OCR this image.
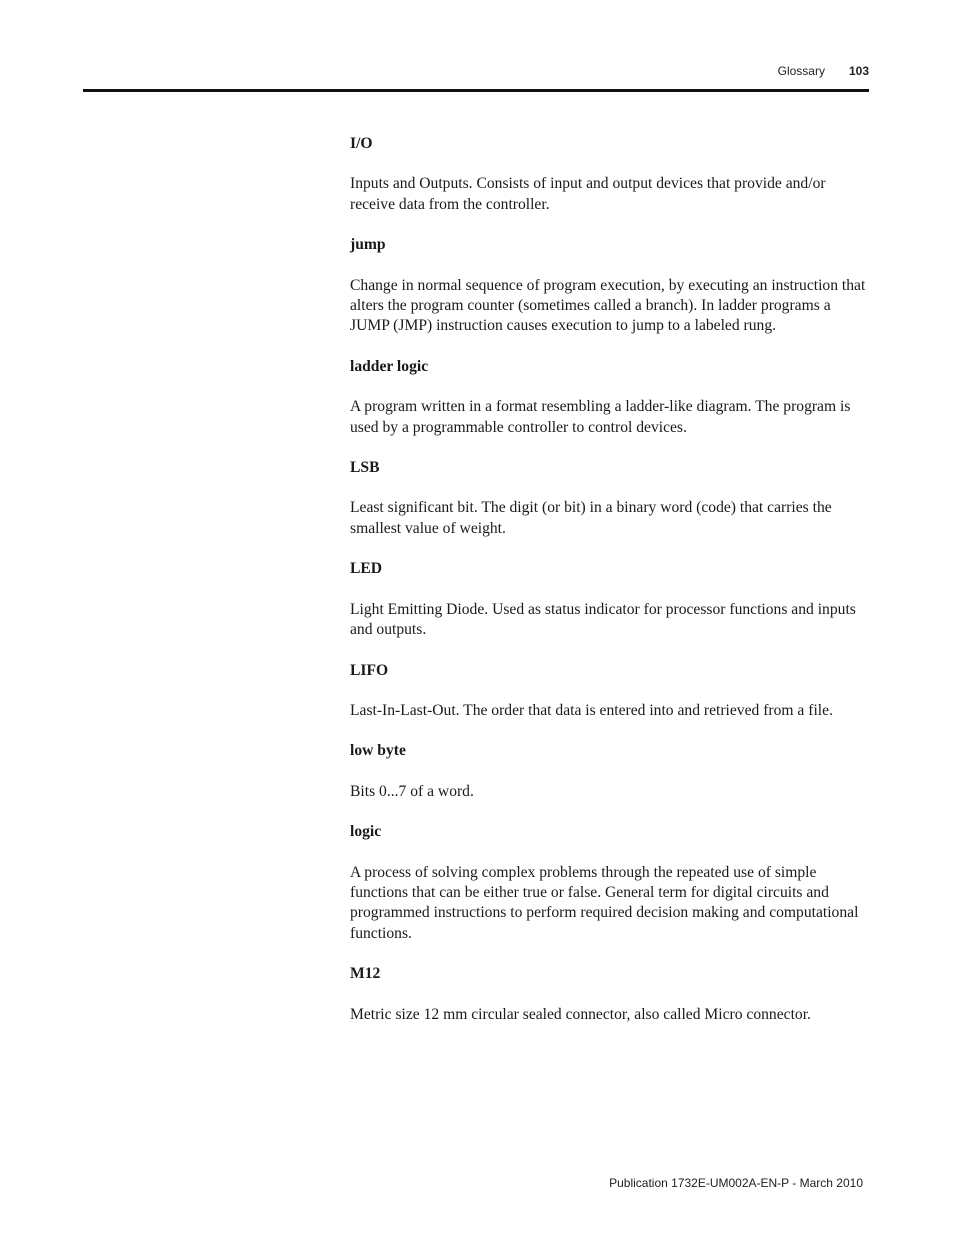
Glossary 103

I/O

Inputs and Outputs. Consists of input and output devices that provide and/or receive data from the controller.

jump

Change in normal sequence of program execution, by executing an instruction that alters the program counter (sometimes called a branch). In ladder programs a JUMP (JMP) instruction causes execution to jump to a labeled rung.

ladder logic

A program written in a format resembling a ladder-like diagram. The program is used by a programmable controller to control devices.

LSB

Least significant bit. The digit (or bit) in a binary word (code) that carries the smallest value of weight.

LED

Light Emitting Diode. Used as status indicator for processor functions and inputs and outputs.

LIFO

Last-In-Last-Out. The order that data is entered into and retrieved from a file.

low byte

Bits 0...7 of a word.

logic

A process of solving complex problems through the repeated use of simple functions that can be either true or false. General term for digital circuits and programmed instructions to perform required decision making and computational functions.

M12

Metric size 12 mm circular sealed connector, also called Micro connector.

Publication 1732E-UM002A-EN-P - March 2010
